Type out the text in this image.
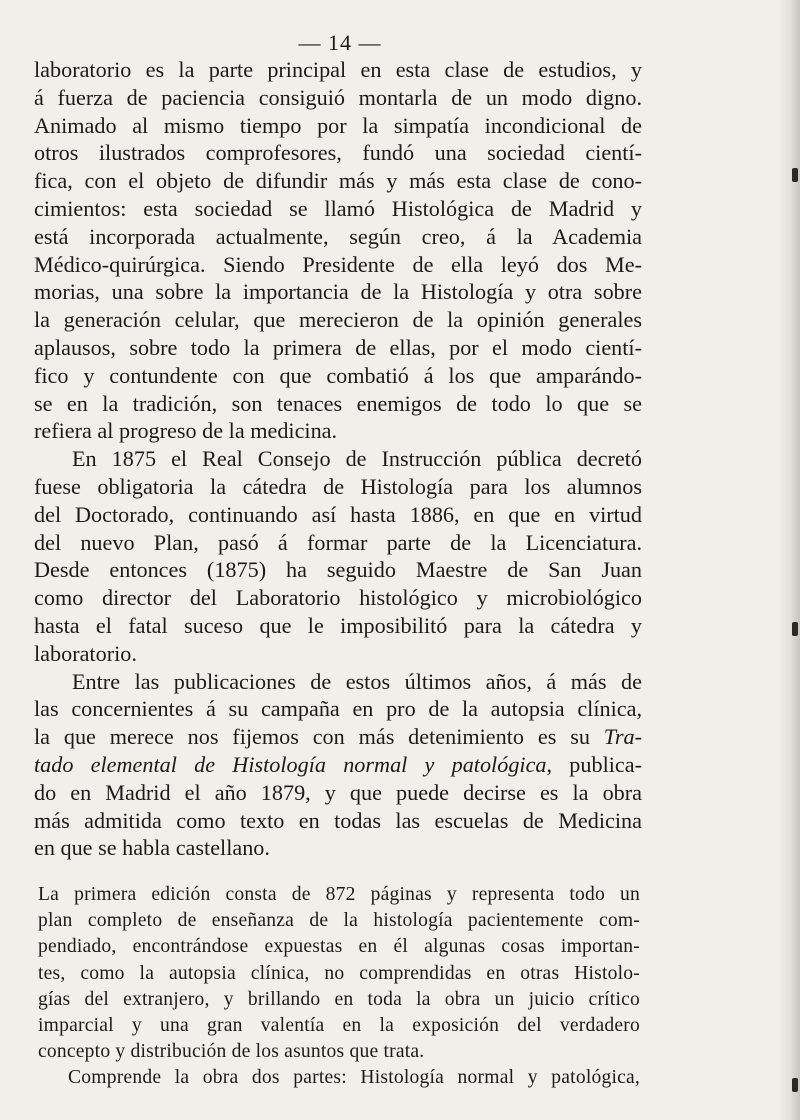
— 14 —
laboratorio es la parte principal en esta clase de estudios, y
á fuerza de paciencia consiguió montarla de un modo digno.
Animado al mismo tiempo por la simpatía incondicional de
otros ilustrados comprofesores, fundó una sociedad cientí-
fica, con el objeto de difundir más y más esta clase de cono-
cimientos: esta sociedad se llamó Histológica de Madrid y
está incorporada actualmente, según creo, á la Academia
Médico-quirúrgica. Siendo Presidente de ella leyó dos Me-
morias, una sobre la importancia de la Histología y otra sobre
la generación celular, que merecieron de la opinión generales
aplausos, sobre todo la primera de ellas, por el modo cientí-
fico y contundente con que combatió á los que amparándo-
se en la tradición, son tenaces enemigos de todo lo que se
refiera al progreso de la medicina.
En 1875 el Real Consejo de Instrucción pública decretó
fuese obligatoria la cátedra de Histología para los alumnos
del Doctorado, continuando así hasta 1886, en que en virtud
del nuevo Plan, pasó á formar parte de la Licenciatura.
Desde entonces (1875) ha seguido Maestre de San Juan
como director del Laboratorio histológico y microbiológico
hasta el fatal suceso que le imposibilitó para la cátedra y
laboratorio.
Entre las publicaciones de estos últimos años, á más de
las concernientes á su campaña en pro de la autopsia clínica,
la que merece nos fijemos con más detenimiento es su Tra-
tado elemental de Histología normal y patológica, publica-
do en Madrid el año 1879, y que puede decirse es la obra
más admitida como texto en todas las escuelas de Medicina
en que se habla castellano.
La primera edición consta de 872 páginas y representa todo un
plan completo de enseñanza de la histología pacientemente com-
pendiado, encontrándose expuestas en él algunas cosas importan-
tes, como la autopsia clínica, no comprendidas en otras Histolo-
gías del extranjero, y brillando en toda la obra un juicio crítico
imparcial y una gran valentía en la exposición del verdadero
concepto y distribución de los asuntos que trata.
Comprende la obra dos partes: Histología normal y patológica,
